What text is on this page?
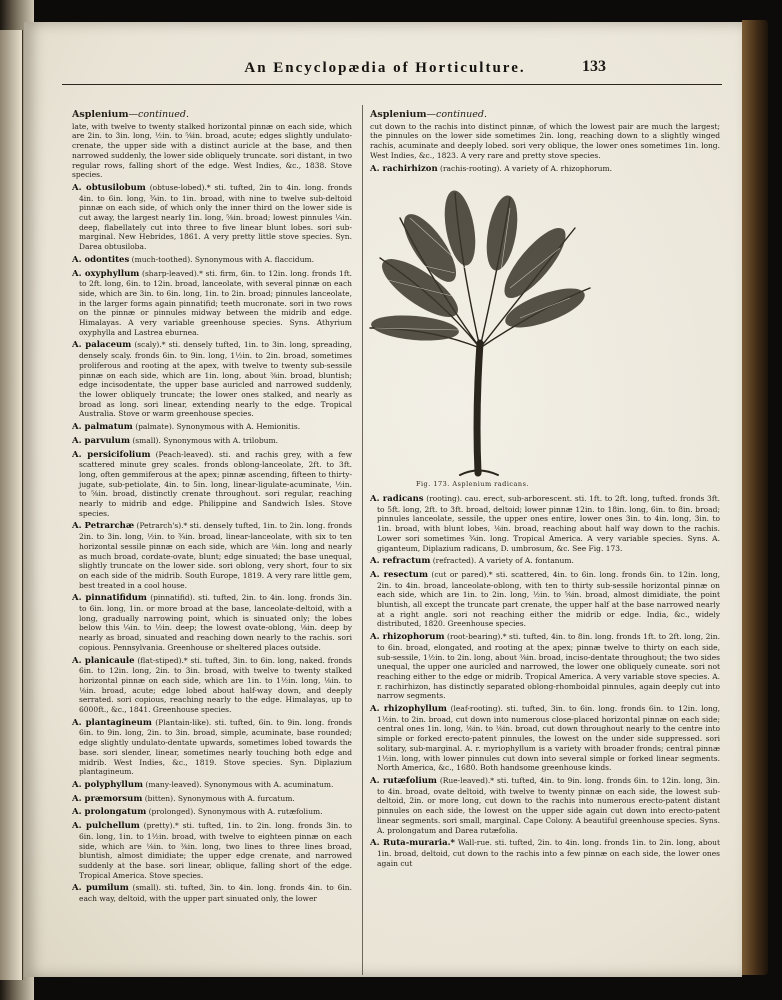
An Encyclopædia of Horticulture.	133
Asplenium—continued.
late, with twelve to twenty stalked horizontal pinnæ on each side, which are 2in. to 3in. long, ½in. to ⅝in. broad, acute; edges slightly undulato-crenate, the upper side with a distinct auricle at the base, and then narrowed suddenly, the lower side obliquely truncate. sori distant, in two regular rows, falling short of the edge. West Indies, &c., 1838. Stove species.
A. obtusilobum (obtuse-lobed).* sti. tufted, 2in to 4in. long. fronds 4in. to 6in. long, ¾in. to 1in. broad, with nine to twelve sub-deltoid pinnæ on each side, of which only the inner third on the lower side is cut away, the largest nearly 1in. long, ⅝in. broad; lowest pinnules ¼in. deep, flabellately cut into three to five linear blunt lobes. sori sub-marginal. New Hebrides, 1861. A very pretty little stove species. Syn. Darea obtusiloba.
A. odontites (much-toothed). Synonymous with A. flaccidum.
A. oxyphyllum (sharp-leaved).* sti. firm, 6in. to 12in. long. fronds 1ft. to 2ft. long, 6in. to 12in. broad, lanceolate, with several pinnæ on each side, which are 3in. to 6in. long, 1in. to 2in. broad; pinnules lanceolate, in the larger forms again pinnatifid; teeth mucronate. sori in two rows on the pinnæ or pinnules midway between the midrib and edge. Himalayas. A very variable greenhouse species. Syns. Athyrium oxyphylla and Lastrea eburnea.
A. palaceum (scaly).* sti. densely tufted, 1in. to 3in. long, spreading, densely scaly. fronds 6in. to 9in. long, 1½in. to 2in. broad, sometimes proliferous and rooting at the apex, with twelve to twenty sub-sessile pinnæ on each side, which are 1in. long, about ⅜in. broad, bluntish; edge incisodentate, the upper base auricled and narrowed suddenly, the lower obliquely truncate; the lower ones stalked, and nearly as broad as long. sori linear, extending nearly to the edge. Tropical Australia. Stove or warm greenhouse species.
A. palmatum (palmate). Synonymous with A. Hemionitis.
A. parvulum (small). Synonymous with A. trilobum.
A. persicifolium (Peach-leaved). sti. and rachis grey, with a few scattered minute grey scales. fronds oblong-lanceolate, 2ft. to 3ft. long, often gemmiferous at the apex; pinnæ ascending, fifteen to thirty-jugate, sub-petiolate, 4in. to 5in. long, linear-ligulate-acuminate, ½in. to ⅝in. broad, distinctly crenate throughout. sori regular, reaching nearly to midrib and edge. Philippine and Sandwich Isles. Stove species.
A. Petrarchæ (Petrarch's).* sti. densely tufted, 1in. to 2in. long. fronds 2in. to 3in. long, ½in. to ¾in. broad, linear-lanceolate, with six to ten horizontal sessile pinnæ on each side, which are ⅛in. long and nearly as much broad, cordate-ovate, blunt; edge sinuated; the base unequal, slightly truncate on the lower side. sori oblong, very short, four to six on each side of the midrib. South Europe, 1819. A very rare little gem, best treated in a cool house.
A. pinnatifidum (pinnatifid). sti. tufted, 2in. to 4in. long. fronds 3in. to 6in. long, 1in. or more broad at the base, lanceolate-deltoid, with a long, gradually narrowing point, which is sinuated only; the lobes below this ¼in. to ½in. deep; the lowest ovate-oblong, ⅛in. deep by nearly as broad, sinuated and reaching down nearly to the rachis. sori copious. Pennsylvania. Greenhouse or sheltered places outside.
A. planicaule (flat-stiped).* sti. tufted, 3in. to 6in. long, naked. fronds 6in. to 12in. long, 2in. to 3in. broad, with twelve to twenty stalked horizontal pinnæ on each side, which are 1in. to 1½in. long, ⅛in. to ⅛in. broad, acute; edge lobed about half-way down, and deeply serrated. sori copious, reaching nearly to the edge. Himalayas, up to 6000ft., &c., 1841. Greenhouse species.
A. plantagineum (Plantain-like). sti. tufted, 6in. to 9in. long. fronds 6in. to 9in. long, 2in. to 3in. broad, simple, acuminate, base rounded; edge slightly undulato-dentate upwards, sometimes lobed towards the base. sori slender, linear, sometimes nearly touching both edge and midrib. West Indies, &c., 1819. Stove species. Syn. Diplazium plantagineum.
A. polyphyllum (many-leaved). Synonymous with A. acuminatum.
A. præmorsum (bitten). Synonymous with A. furcatum.
A. prolongatum (prolonged). Synonymous with A. rutæfolium.
A. pulchellum (pretty).* sti. tufted, 1in. to 2in. long. fronds 3in. to 6in. long, 1in. to 1½in. broad, with twelve to eighteen pinnæ on each side, which are ⅛in. to ⅜in. long, two lines to three lines broad, bluntish, almost dimidiate; the upper edge crenate, and narrowed suddenly at the base. sori linear, oblique, falling short of the edge. Tropical America. Stove species.
A. pumilum (small). sti. tufted, 3in. to 4in. long. fronds 4in. to 6in. each way, deltoid, with the upper part sinuated only, the lower
Asplenium—continued.
cut down to the rachis into distinct pinnæ, of which the lowest pair are much the largest; the pinnules on the lower side sometimes 2in. long, reaching down to a slightly winged rachis, acuminate and deeply lobed. sori very oblique, the lower ones sometimes 1in. long. West Indies, &c., 1823. A very rare and pretty stove species.
A. rachirhizon (rachis-rooting). A variety of A. rhizophorum.
Fig. 173. Asplenium radicans.
A. radicans (rooting). cau. erect, sub-arborescent. sti. 1ft. to 2ft. long, tufted. fronds 3ft. to 5ft. long, 2ft. to 3ft. broad, deltoid; lower pinnæ 12in. to 18in. long, 6in. to 8in. broad; pinnules lanceolate, sessile, the upper ones entire, lower ones 3in. to 4in. long, 3in. to 1in. broad, with blunt lobes, ⅛in. broad, reaching about half way down to the rachis. Lower sori sometimes ¾in. long. Tropical America. A very variable species. Syns. A. giganteum, Diplazium radicans, D. umbrosum, &c. See Fig. 173.
A. refractum (refracted). A variety of A. fontanum.
A. resectum (cut or pared).* sti. scattered, 4in. to 6in. long. fronds 6in. to 12in. long, 2in. to 4in. broad, lanceolate-oblong, with ten to thirty sub-sessile horizontal pinnæ on each side, which are 1in. to 2in. long, ½in. to ⅝in. broad, almost dimidiate, the point bluntish, all except the truncate part crenate, the upper half at the base narrowed nearly at a right angle. sori not reaching either the midrib or edge. India, &c., widely distributed, 1820. Greenhouse species.
A. rhizophorum (root-bearing).* sti. tufted, 4in. to 8in. long. fronds 1ft. to 2ft. long, 2in. to 6in. broad, elongated, and rooting at the apex; pinnæ twelve to thirty on each side, sub-sessile, 1½in. to 2in. long, about ⅜in. broad, inciso-dentate throughout; the two sides unequal, the upper one auricled and narrowed, the lower one obliquely cuneate. sori not reaching either to the edge or midrib. Tropical America. A very variable stove species. A. r. rachirhizon, has distinctly separated oblong-rhomboidal pinnules, again deeply cut into narrow segments.
A. rhizophyllum (leaf-rooting). sti. tufted, 3in. to 6in. long. fronds 6in. to 12in. long, 1½in. to 2in. broad, cut down into numerous close-placed horizontal pinnæ on each side; central ones 1in. long, ⅛in. to ⅛in. broad, cut down throughout nearly to the centre into simple or forked erecto-patent pinnules, the lowest on the under side suppressed. sori solitary, sub-marginal. A. r. myriophyllum is a variety with broader fronds; central pinnæ 1½in. long, with lower pinnules cut down into several simple or forked linear segments. North America, &c., 1680. Both handsome greenhouse kinds.
A. rutæfolium (Rue-leaved).* sti. tufted, 4in. to 9in. long. fronds 6in. to 12in. long, 3in. to 4in. broad, ovate deltoid, with twelve to twenty pinnæ on each side, the lowest sub-deltoid, 2in. or more long, cut down to the rachis into numerous erecto-patent distant pinnules on each side, the lowest on the upper side again cut down into erecto-patent linear segments. sori small, marginal. Cape Colony. A beautiful greenhouse species. Syns. A. prolongatum and Darea rutæfolia.
A. Ruta-muraria.* Wall-rue. sti. tufted, 2in. to 4in. long. fronds 1in. to 2in. long, about 1in. broad, deltoid, cut down to the rachis into a few pinnæ on each side, the lower ones again cut
